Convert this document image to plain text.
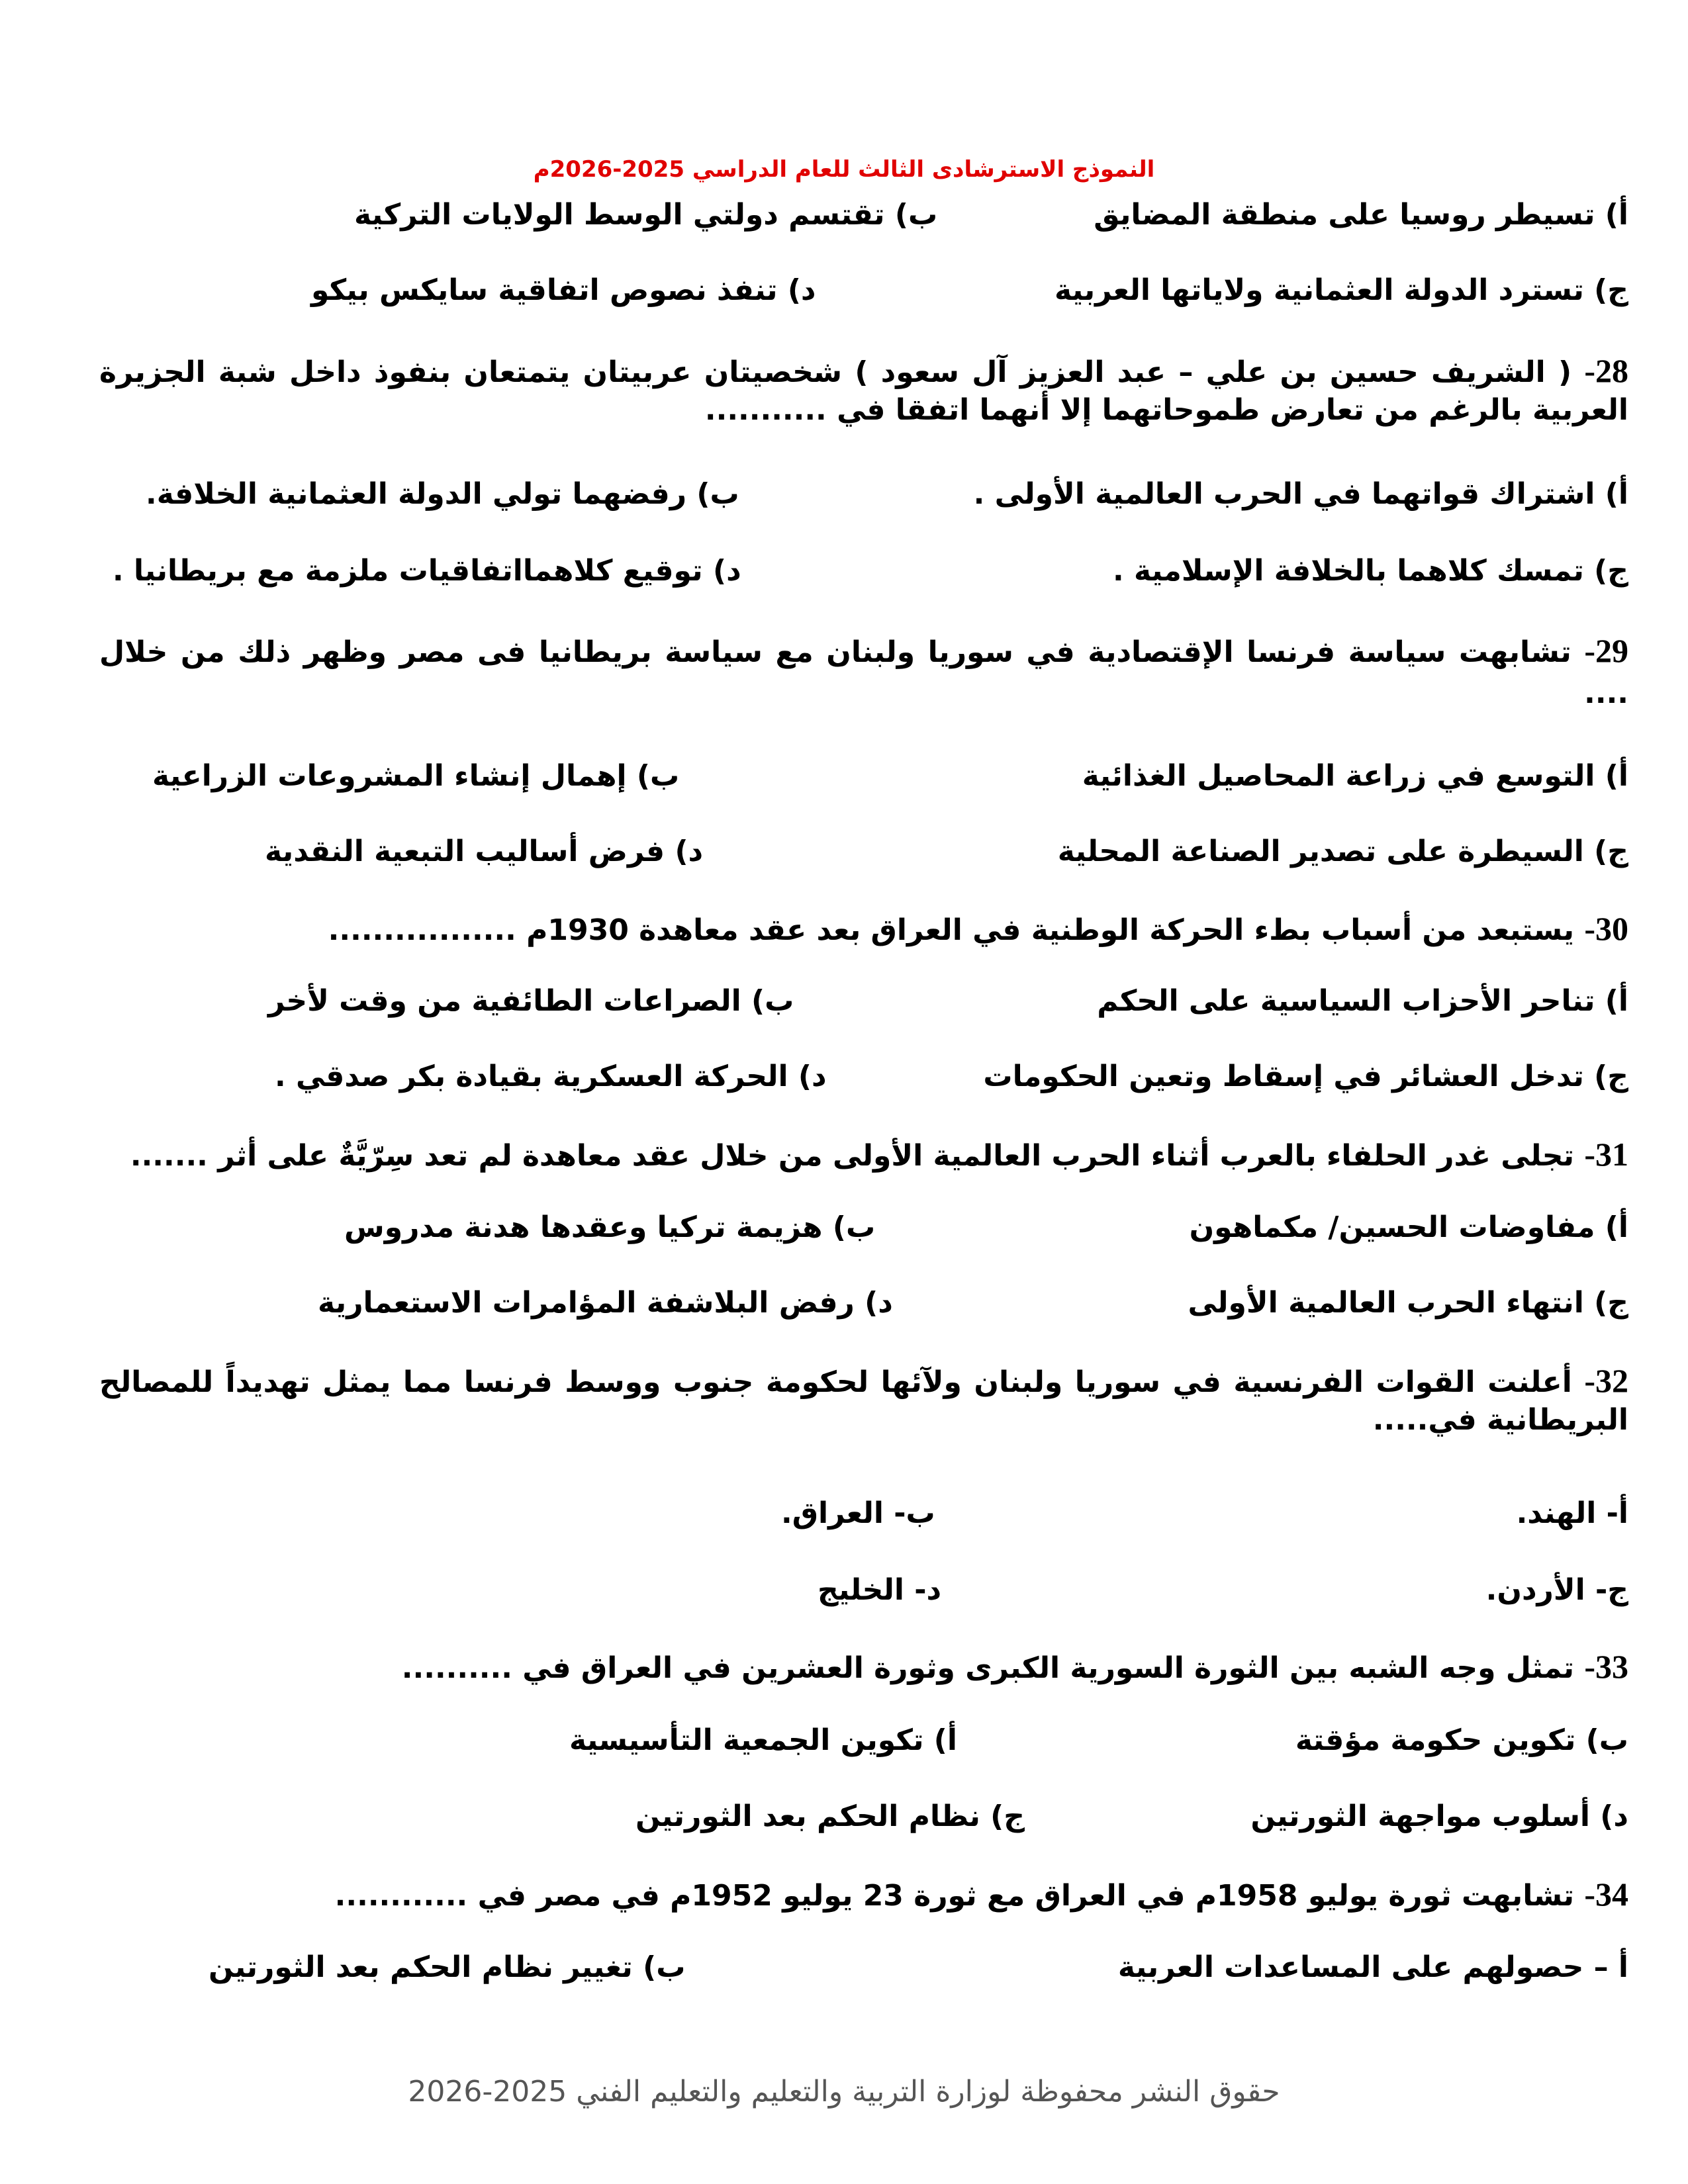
النموذج الاسترشادى الثالث للعام الدراسي 2025-2026م
أ) تسيطر روسيا على منطقة المضايق
ب) تقتسم دولتي الوسط الولايات التركية
ج) تسترد الدولة العثمانية ولاياتها العربية
د) تنفذ نصوص اتفاقية سايكس بيكو
28- ( الشريف حسين بن علي – عبد العزيز آل سعود ) شخصيتان عربيتان يتمتعان بنفوذ داخل شبة الجزيرة العربية بالرغم من تعارض طموحاتهما إلا أنهما اتفقا في ...........
أ) اشتراك قواتهما في الحرب العالمية الأولى .
ب) رفضهما تولي الدولة العثمانية الخلافة.
ج) تمسك كلاهما بالخلافة الإسلامية .
د) توقيع كلاهمااتفاقيات ملزمة مع بريطانيا .
29- تشابهت سياسة فرنسا الإقتصادية في سوريا ولبنان مع سياسة بريطانيا فى مصر وظهر ذلك من خلال ....
أ) التوسع في زراعة المحاصيل الغذائية
ب) إهمال إنشاء المشروعات الزراعية
ج) السيطرة على تصدير الصناعة المحلية
د) فرض أساليب التبعية النقدية
30- يستبعد من أسباب بطء الحركة الوطنية في العراق بعد عقد معاهدة 1930م .................
أ) تناحر الأحزاب السياسية على الحكم
ب) الصراعات الطائفية من وقت لأخر
ج) تدخل العشائر في إسقاط وتعين الحكومات
د) الحركة العسكرية بقيادة بكر صدقي .
31- تجلى غدر الحلفاء بالعرب أثناء الحرب العالمية الأولى من خلال عقد معاهدة لم تعد سِرّيَّةٌ على أثر .......
أ) مفاوضات الحسين/ مكماهون
ب) هزيمة تركيا وعقدها هدنة مدروس
ج) انتهاء الحرب العالمية الأولى
د) رفض البلاشفة المؤامرات الاستعمارية
32- أعلنت القوات الفرنسية في سوريا ولبنان ولآئها لحكومة جنوب ووسط فرنسا مما يمثل تهديداً للمصالح البريطانية في.....
أ- الهند.
ب- العراق.
ج- الأردن.
د- الخليج
33- تمثل وجه الشبه بين الثورة السورية الكبرى وثورة العشرين في العراق في ..........
ب) تكوين حكومة مؤقتة
أ) تكوين الجمعية التأسيسية
د) أسلوب مواجهة الثورتين
ج) نظام الحكم بعد الثورتين
34- تشابهت ثورة يوليو 1958م في العراق مع ثورة 23 يوليو 1952م في مصر في ............
أ – حصولهم على المساعدات العربية
ب) تغيير نظام الحكم بعد الثورتين
حقوق النشر محفوظة لوزارة التربية والتعليم والتعليم الفني 2025-2026
